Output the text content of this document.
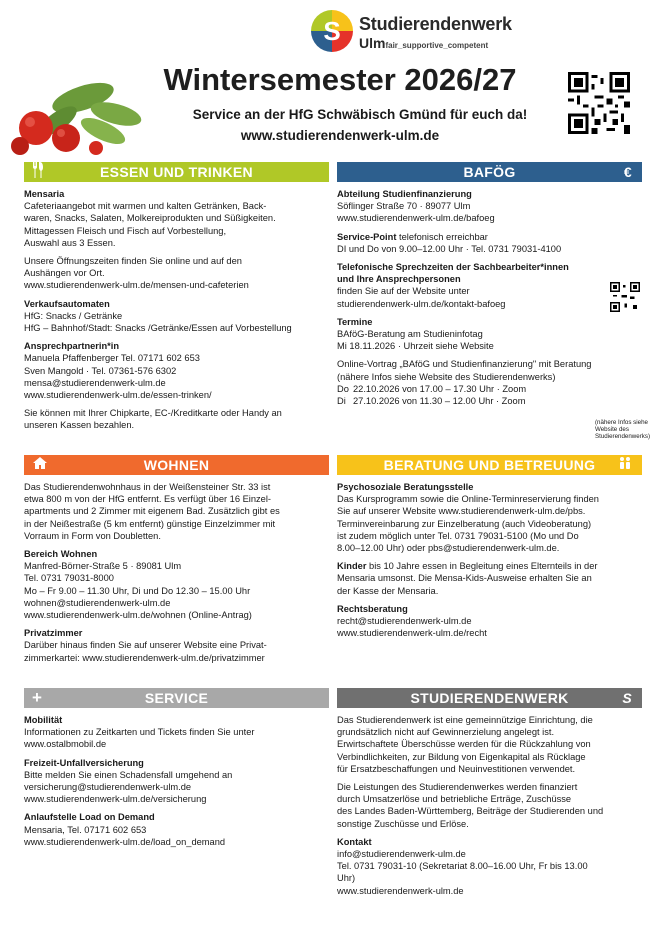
S Studierendenwerk
Ulmfair_supportive_competent
Wintersemester 2026/27
Service an der HfG Schwäbisch Gmünd für euch da!
www.studierendenwerk-ulm.de
ESSEN UND TRINKEN

Mensaria

Cafeteriaangebot mit warmen und kalten Getränken, Back-

waren, Snacks, Salaten, Molkereiprodukten und Süßigkeiten.

Mittagessen Fleisch und Fisch auf Vorbestellung,

Auswahl aus 3 Essen.

Unsere Öffnungszeiten finden Sie online und auf den

Aushängen vor Ort.

www.studierendenwerk-ulm.de/mensen-und-cafeterien

Verkaufsautomaten

HfG: Snacks / Getränke

HfG – Bahnhof/Stadt: Snacks /Getränke/Essen auf Vorbestellung

Ansprechpartnerin*in

Manuela Pfaffenberger Tel. 07171 602 653

Sven Mangold · Tel. 07361-576 6302

mensa@studierendenwerk-ulm.de

www.studierendenwerk-ulm.de/essen-trinken/

Sie können mit Ihrer Chipkarte, EC-/Kreditkarte oder Handy an

unseren Kassen bezahlen.

BAFÖG	€

Abteilung Studienfinanzierung

Söflinger Straße 70 · 89077 Ulm

www.studierendenwerk-ulm.de/bafoeg

Service-Point telefonisch erreichbar

DI und Do von 9.00–12.00 Uhr · Tel. 0731 79031-4100

Telefonische Sprechzeiten der Sachbearbeiter*innen

und Ihre Ansprechpersonen

finden Sie auf der Website unter

studierendenwerk-ulm.de/kontakt-bafoeg

Termine

BAföG-Beratung am Studieninfotag

Mi 18.11.2026 · Uhrzeit siehe Website

Online-Vortrag „BAföG und Studienfinanzierung" mit Beratung

(nähere Infos siehe Website des Studierendenwerks)

Do 22.10.2026 von 17.00 – 17.30 Uhr · Zoom
Di 27.10.2026 von 11.30 – 12.00 Uhr · Zoom
(nähere Infos siehe
Website des
Studierendenwerks)
WOHNEN

Das Studierendenwohnhaus in der Weißensteiner Str. 33 ist

etwa 800 m von der HfG entfernt. Es verfügt über 16 Einzel-

apartments und 2 Zimmer mit eigenem Bad. Zusätzlich gibt es

in der Neißestraße (5 km entfernt) günstige Einzelzimmer mit

Vorraum in Form von Doubletten.

Bereich Wohnen

Manfred-Börner-Straße 5 · 89081 Ulm

Tel. 0731 79031-8000

Mo – Fr 9.00 – 11.30 Uhr, Di und Do 12.30 – 15.00 Uhr

wohnen@studierendenwerk-ulm.de

www.studierendenwerk-ulm.de/wohnen (Online-Antrag)

Privatzimmer

Darüber hinaus finden Sie auf unserer Website eine Privat-

zimmerkartei: www.studierendenwerk-ulm.de/privatzimmer

BERATUNG UND BETREUUNG

Psychosoziale Beratungsstelle

Das Kursprogramm sowie die Online-Terminreservierung finden

Sie auf unserer Website www.studierendenwerk-ulm.de/pbs.

Terminvereinbarung zur Einzelberatung (auch Videoberatung)

ist zudem möglich unter Tel. 0731 79031-5100 (Mo und Do

8.00–12.00 Uhr) oder pbs@studierendenwerk-ulm.de.

Kinder bis 10 Jahre essen in Begleitung eines Elternteils in der

Mensaria umsonst. Die Mensa-Kids-Ausweise erhalten Sie an

der Kasse der Mensaria.

Rechtsberatung

recht@studierendenwerk-ulm.de

www.studierendenwerk-ulm.de/recht

+	SERVICE

Mobilität

Informationen zu Zeitkarten und Tickets finden Sie unter

www.ostalbmobil.de

Freizeit-Unfallversicherung

Bitte melden Sie einen Schadensfall umgehend an

versicherung@studierendenwerk-ulm.de

www.studierendenwerk-ulm.de/versicherung

Anlaufstelle Load on Demand

Mensaria, Tel. 07171 602 653

www.studierendenwerk-ulm.de/load_on_demand

STUDIERENDENWERK	S

Das Studierendenwerk ist eine gemeinnützige Einrichtung, die

grundsätzlich nicht auf Gewinnerzielung angelegt ist.

Erwirtschaftete Überschüsse werden für die Rückzahlung von

Verbindlichkeiten, zur Bildung von Eigenkapital als Rücklage

für Ersatzbeschaffungen und Neuinvestitionen verwendet.

Die Leistungen des Studierendenwerkes werden finanziert

durch Umsatzerlöse und betriebliche Erträge, Zuschüsse

des Landes Baden-Württemberg, Beiträge der Studierenden und

sonstige Zuschüsse und Erlöse.

Kontakt

info@studierendenwerk-ulm.de

Tel. 0731 79031-10 (Sekretariat 8.00–16.00 Uhr, Fr bis 13.00

Uhr)

www.studierendenwerk-ulm.de
